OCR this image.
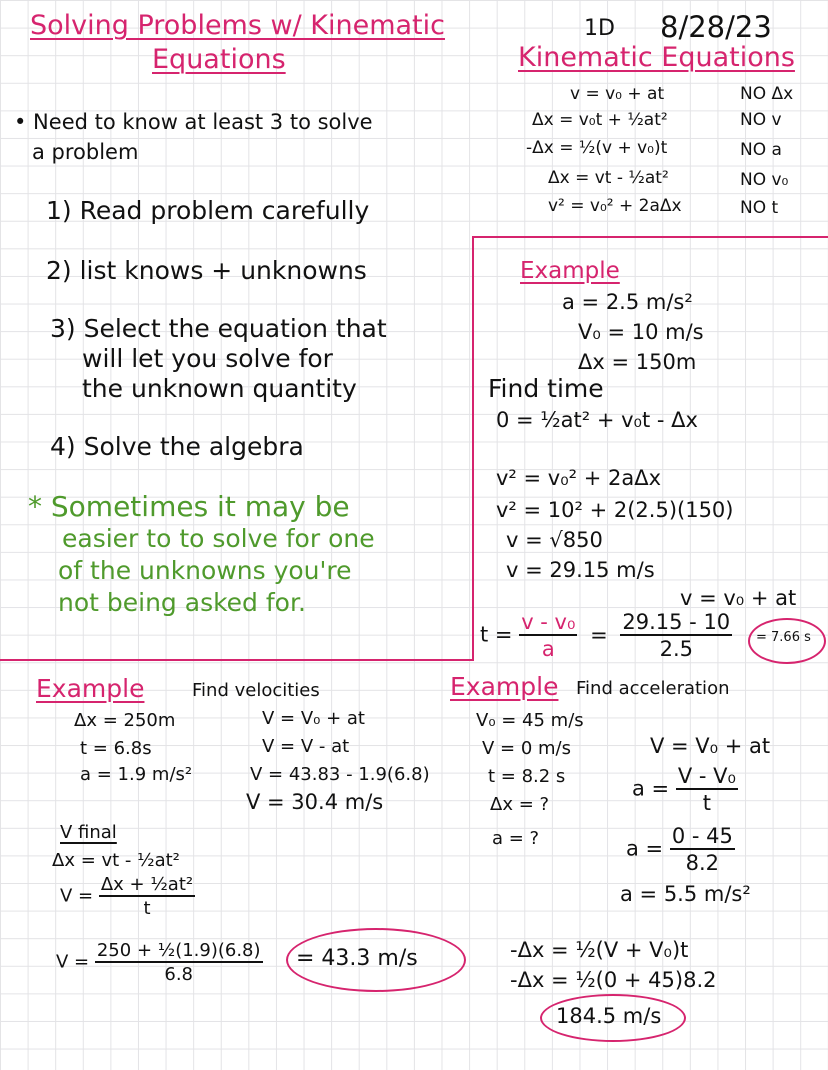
Solving Problems w/ Kinematic
Equations
1D 8/28/23
Kinematic Equations
v = v₀ + at	NO Δx
Δx = v₀t + ½at²	NO v
-Δx = ½(v + v₀)t	NO a
Δx = vt - ½at²	NO v₀
v² = v₀² + 2aΔx	NO t
• Need to know at least 3 to solve
a problem
1) Read problem carefully
2) list knows + unknowns
3) Select the equation that
will let you solve for
the unknown quantity
4) Solve the algebra
* Sometimes it may be
easier to to solve for one
of the unknowns you're
not being asked for.
Example
a = 2.5 m/s²
V₀ = 10 m/s
Δx = 150m
Find time
0 = ½at² + v₀t - Δx
v² = v₀² + 2aΔx
v² = 10² + 2(2.5)(150)
v = √850
v = 29.15 m/s
v = v₀ + at
$t = \frac{\text{v - v₀}}{a} = \frac{29.15 - 10}{2.5} = 7.66$ s
Example	Find velocities
Δx = 250m
t = 6.8s
a = 1.9 m/s²
V = V₀ + at
V = V - at
V = 43.83 - 1.9(6.8)
V = 30.4 m/s
V final
Δx = vt - ½at²
$V = \frac{\text{Δx + ½at²}}{t}$
$V = \frac{\text{250 + ½(1.9)(6.8)}}{6.8} = 43.3$ m/s
Example Find acceleration
V₀ = 45 m/s
V = 0 m/s
t = 8.2 s
Δx = ?
a = ?
V = V₀ + at
$a = \frac{\text{V - V₀}}{t}$
$a = \frac{0 - 45}{8.2}$
a = 5.5 m/s²
-Δx = ½(V + V₀)t
-Δx = ½(0 + 45)8.2
184.5 m/s
